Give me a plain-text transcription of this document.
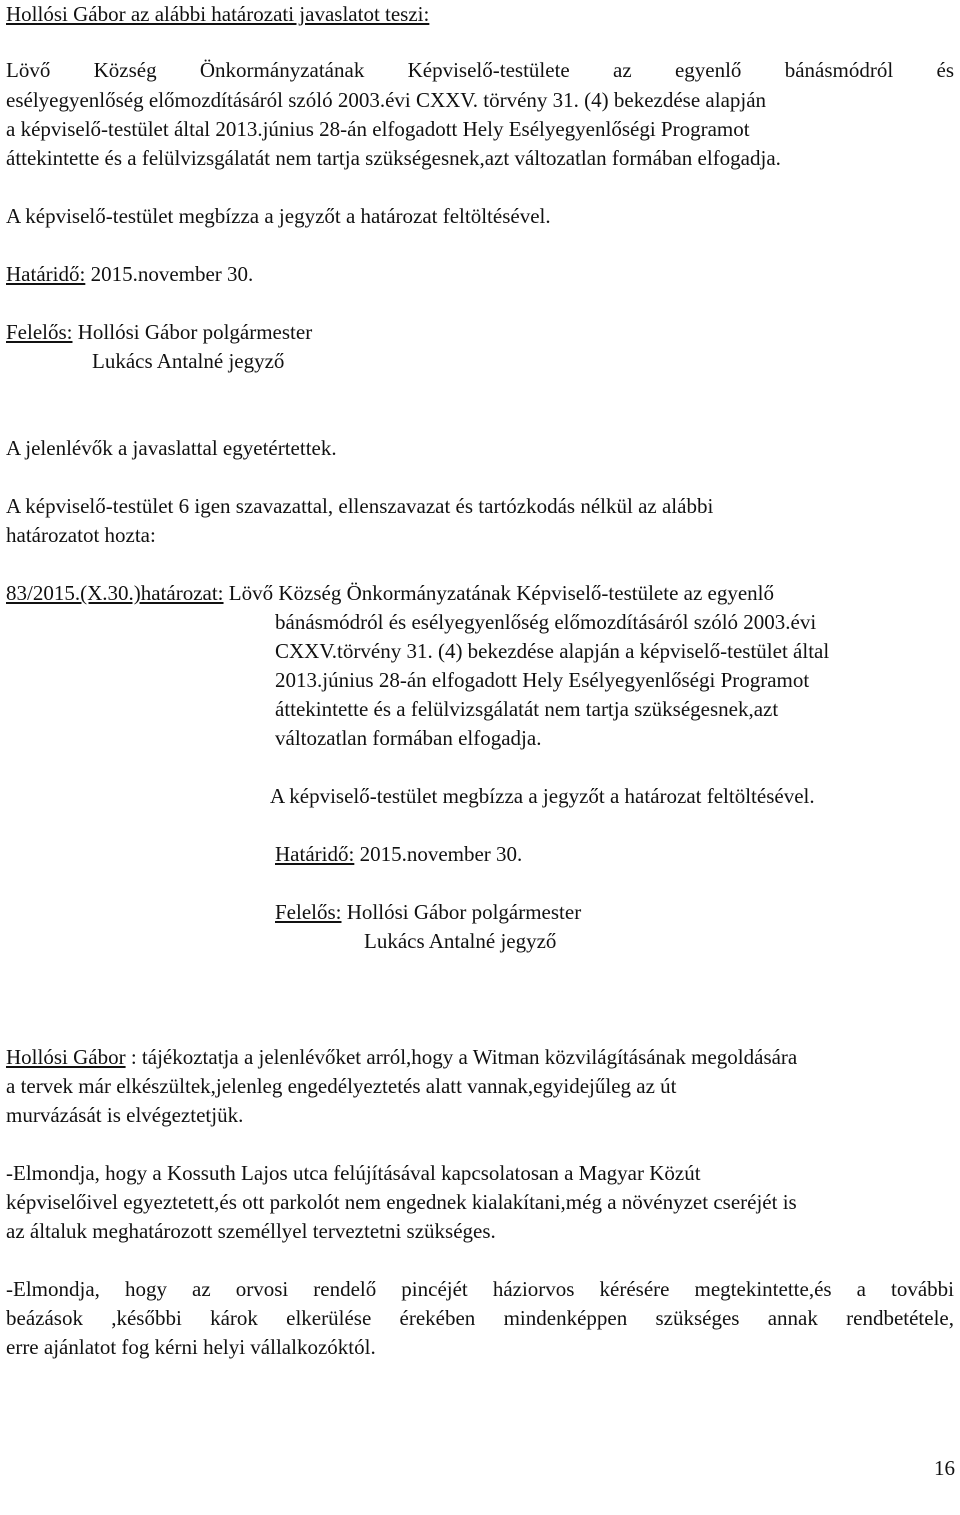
Hollósi Gábor az alábbi határozati javaslatot teszi:
Lövő Község Önkormányzatának Képviselő-testülete az egyenlő bánásmódról és
esélyegyenlőség előmozdításáról szóló 2003.évi CXXV. törvény 31. (4) bekezdése alapján
a képviselő-testület által 2013.június 28-án elfogadott Hely Esélyegyenlőségi Programot
áttekintette és a felülvizsgálatát nem tartja szükségesnek,azt változatlan formában elfogadja.
A képviselő-testület megbízza a jegyzőt a határozat feltöltésével.
Határidő: 2015.november 30.
Felelős: Hollósi Gábor polgármester
Lukács Antalné jegyző
A jelenlévők a javaslattal egyetértettek.
A képviselő-testület 6 igen szavazattal, ellenszavazat és tartózkodás nélkül az alábbi
határozatot hozta:
83/2015.(X.30.)határozat: Lövő Község Önkormányzatának Képviselő-testülete az egyenlő
bánásmódról és esélyegyenlőség előmozdításáról szóló 2003.évi
CXXV.törvény 31. (4) bekezdése alapján a képviselő-testület által
2013.június 28-án elfogadott Hely Esélyegyenlőségi Programot
áttekintette és a felülvizsgálatát nem tartja szükségesnek,azt
változatlan formában elfogadja.
A képviselő-testület megbízza a jegyzőt a határozat feltöltésével.
Határidő: 2015.november 30.
Felelős: Hollósi Gábor polgármester
Lukács Antalné jegyző
Hollósi Gábor : tájékoztatja a jelenlévőket arról,hogy a Witman közvilágításának megoldására
a tervek már elkészültek,jelenleg engedélyeztetés alatt vannak,egyidejűleg az út
murvázását is elvégeztetjük.
-Elmondja, hogy a Kossuth Lajos utca felújításával kapcsolatosan a Magyar Közút
képviselőivel egyeztetett,és ott parkolót nem engednek kialakítani,még a növényzet cseréjét is
az általuk meghatározott személlyel terveztetni szükséges.
-Elmondja, hogy az orvosi rendelő pincéjét háziorvos kérésére megtekintette,és a további
beázások ,későbbi károk elkerülése érekében mindenképpen szükséges annak rendbetétele,
erre ajánlatot fog kérni helyi vállalkozóktól.
16
